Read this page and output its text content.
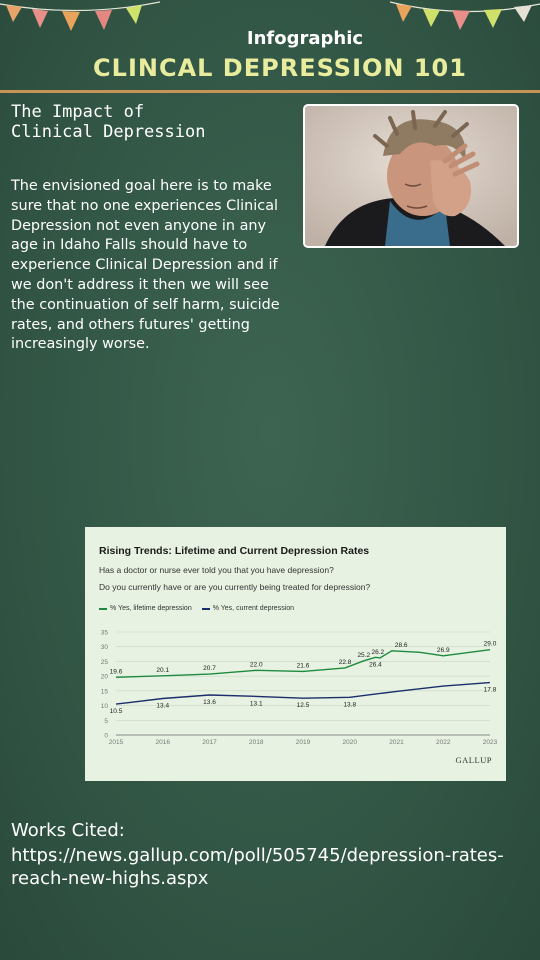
Infographic
CLINCAL DEPRESSION 101
The Impact of Clinical Depression
The envisioned goal here is to make sure that no one experiences Clinical Depression not even anyone in any age in Idaho Falls should have to experience Clinical Depression and if we don't address it then we will see the continuation of self harm, suicide rates, and others futures' getting increasingly worse.
0
5
10
15
20
25
30
35
2015	2016	2017	2018	2019	2020	2021	2022	2023
19.6	20.1	20.7
22.0	21.6
22.8
25.2 26.2
26.4
28.6
26.9
29.0
10.5
13.4
13.6	13.1	12.5	13.8
17.8
Rising Trends: Lifetime and Current Depression Rates
Has a doctor or nurse ever told you that you have depression?
Do you currently have or are you currently being treated for depression?
% Yes, lifetime depression	% Yes, current depression
GALLUP
Works Cited:
https://news.gallup.com/poll/505745/depression-rates-reach-new-highs.aspx
